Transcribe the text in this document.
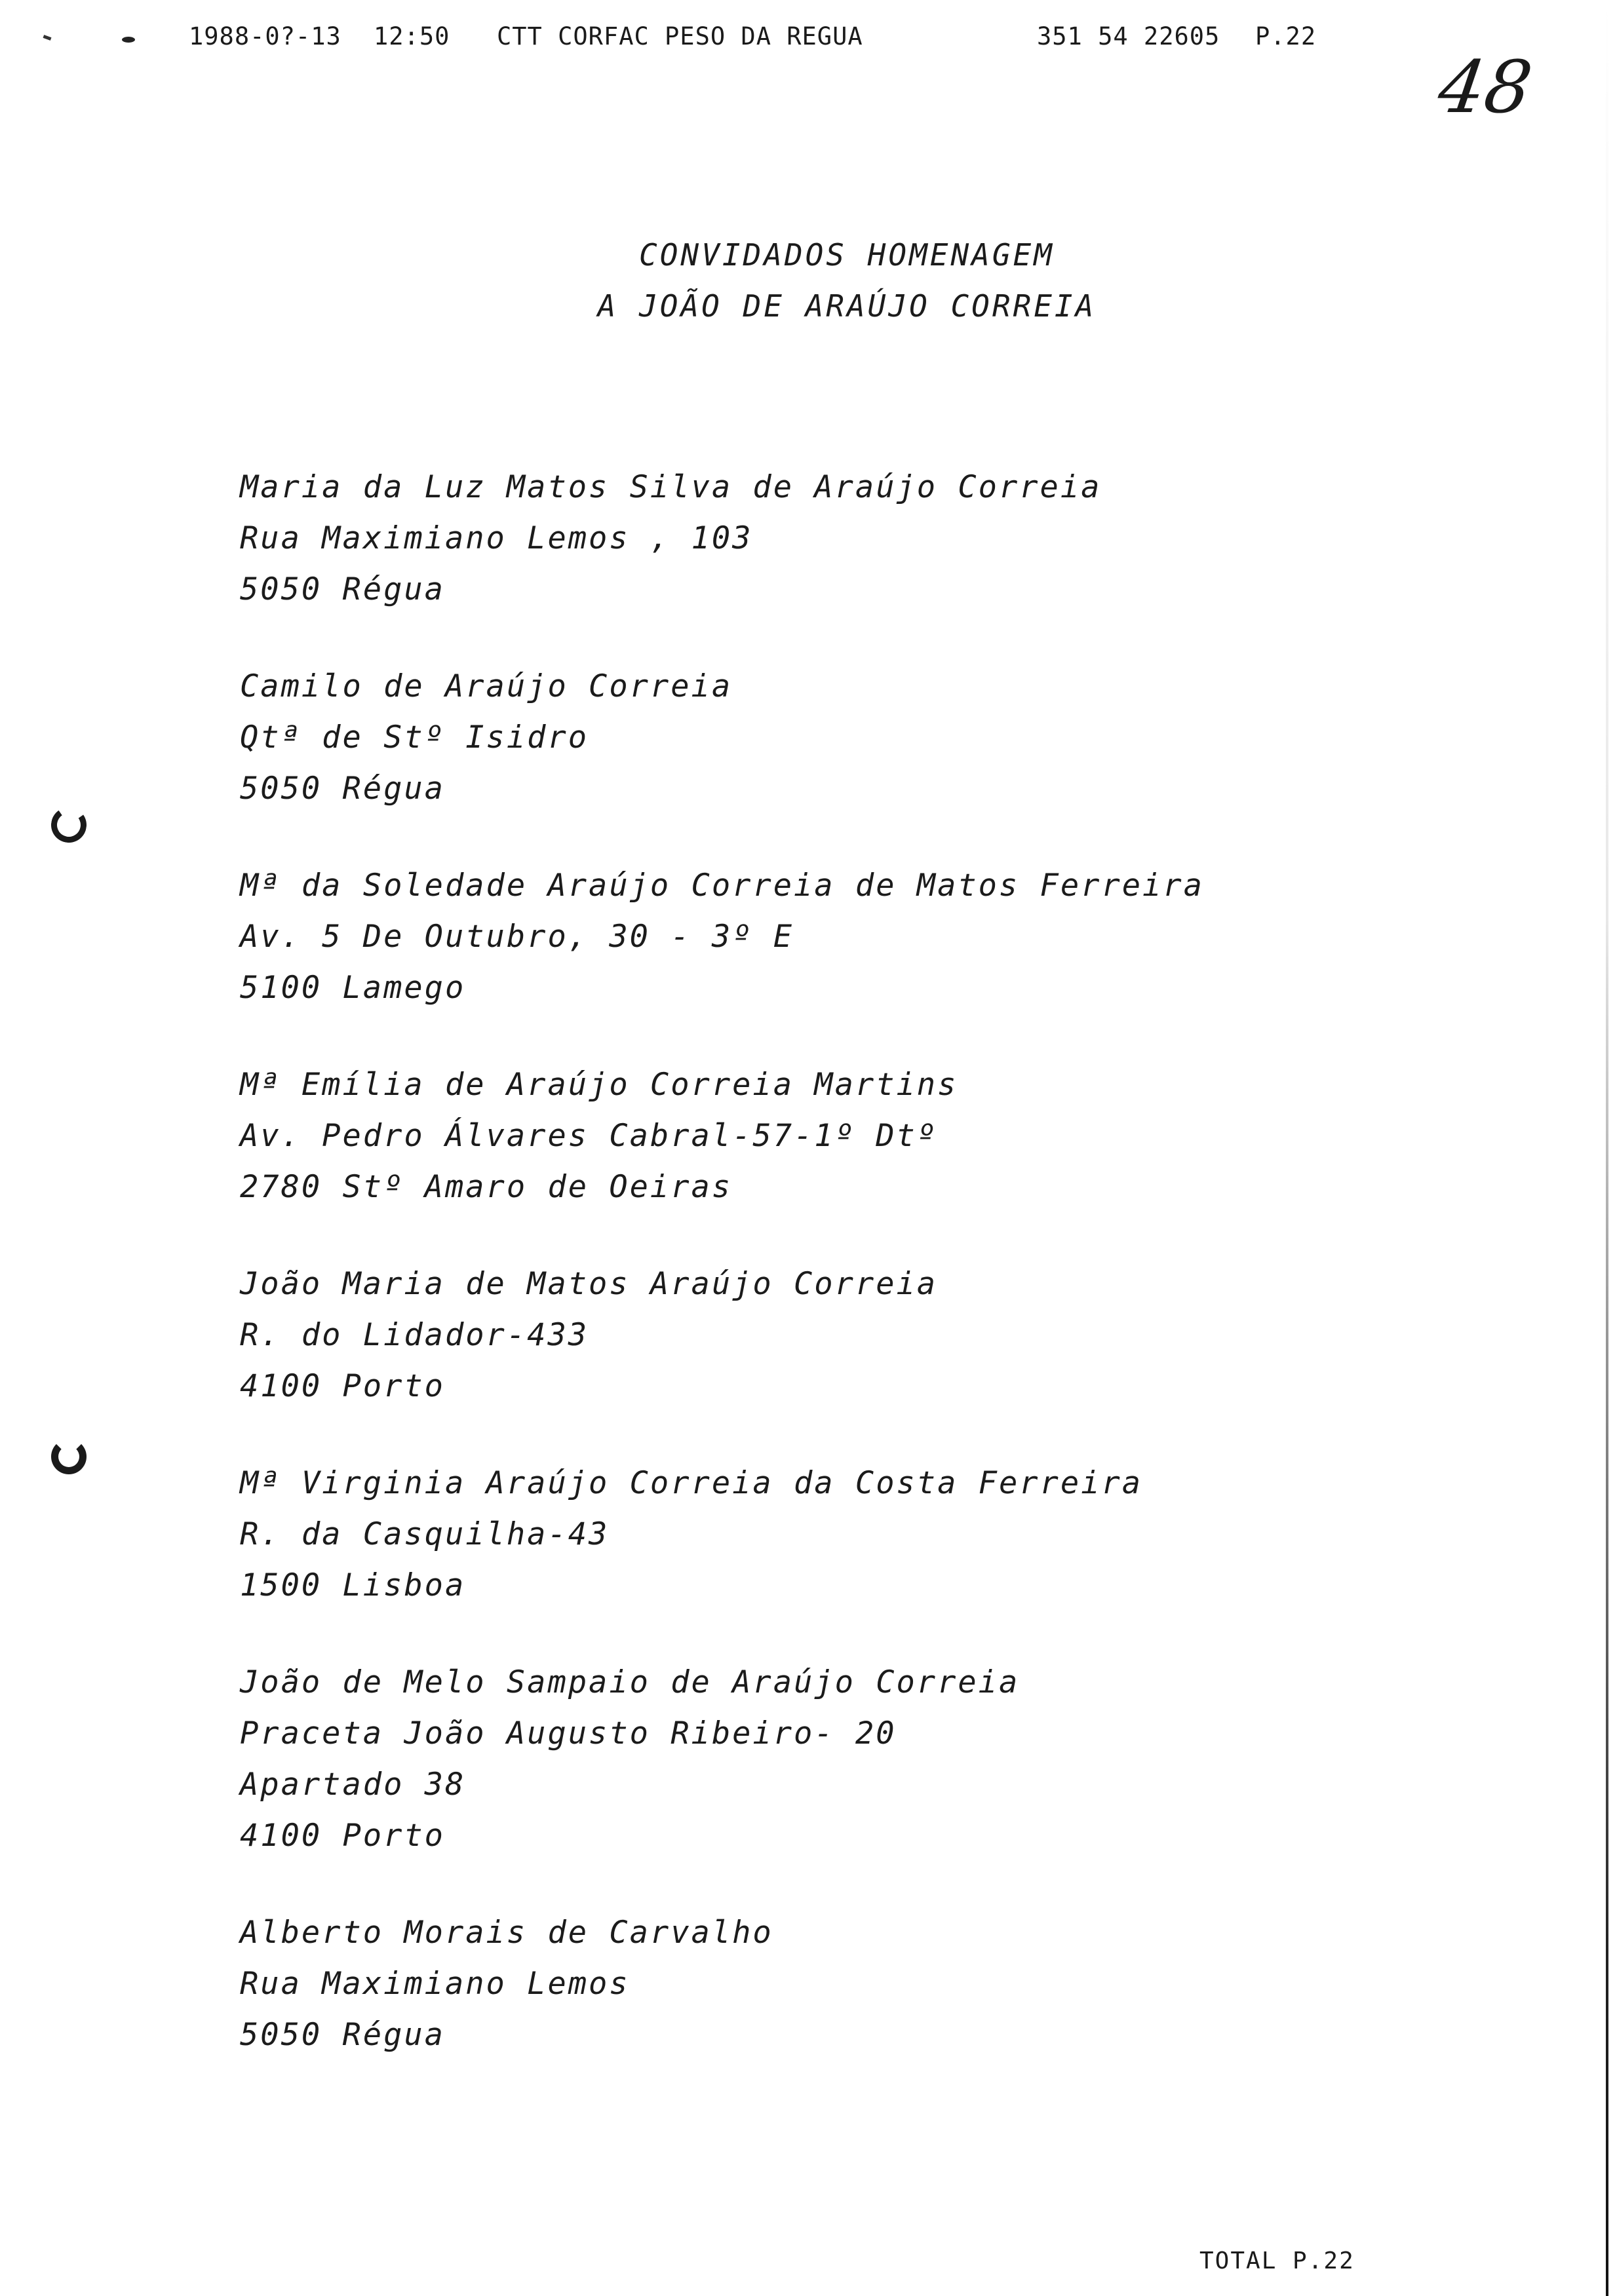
1988-0?-13 12:50 CTT CORFAC PESO DA REGUA	351 54 22605 P.22
48
CONVIDADOS HOMENAGEM
A JOÃO DE ARAÚJO CORREIA
Maria da Luz Matos Silva de Araújo Correia
Rua Maximiano Lemos , 103
5050 Régua
Camilo de Araújo Correia
Qtª de Stº Isidro
5050 Régua
Mª da Soledade Araújo Correia de Matos Ferreira
Av. 5 De Outubro, 30 - 3º E
5100 Lamego
Mª Emília de Araújo Correia Martins
Av. Pedro Álvares Cabral-57-1º Dtº
2780 Stº Amaro de Oeiras
João Maria de Matos Araújo Correia
R. do Lidador-433
4100 Porto
Mª Virginia Araújo Correia da Costa Ferreira
R. da Casquilha-43
1500 Lisboa
João de Melo Sampaio de Araújo Correia
Praceta João Augusto Ribeiro- 20
Apartado 38
4100 Porto
Alberto Morais de Carvalho
Rua Maximiano Lemos
5050 Régua
TOTAL P.22
